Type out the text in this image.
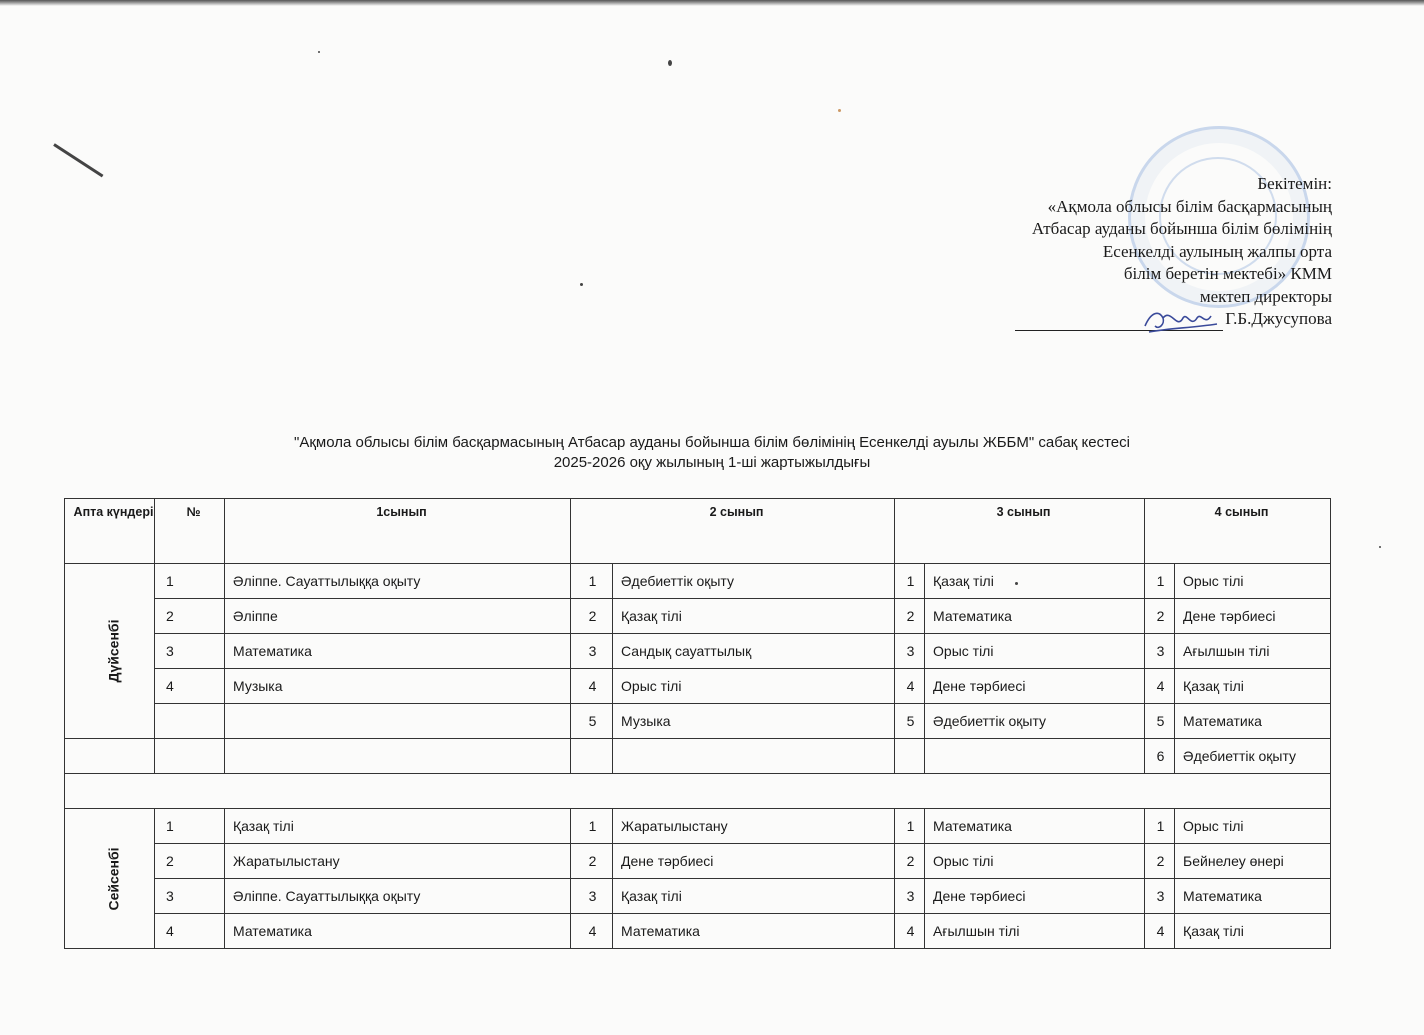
Бекітемін:
«Ақмола облысы білім басқармасының
Атбасар ауданы бойынша білім бөлімінің
Есенкелді аулының жалпы орта
білім беретін мектебі» КММ
мектеп директоры
Г.Б.Джусупова
"Ақмола облысы білім басқармасының Атбасар ауданы бойынша білім бөлімінің Есенкелді ауылы ЖББМ" сабақ кестесі
2025-2026 оқу жылының 1-ші жартыжылдығы
Апта күндері	№	1сынып	2 сынып		3 сынып		4 сынып	
Дүйсенбі	1	Әліппе. Сауаттылыққа оқыту	1	Әдебиеттік оқыту	1	Қазақ тілі	1	Орыс тілі
	2	Әліппе	2	Қазақ тілі	2	Математика	2	Дене тәрбиесі
	3	Математика	3	Сандық сауаттылық	3	Орыс тілі	3	Ағылшын тілі
	4	Музыка	4	Орыс тілі	4	Дене тәрбиесі	4	Қазақ тілі
			5	Музыка	5	Әдебиеттік оқыту	5	Математика
							6	Әдебиеттік оқыту

Сейсенбі	1	Қазақ тілі	1	Жаратылыстану	1	Математика	1	Орыс тілі
	2	Жаратылыстану	2	Дене тәрбиесі	2	Орыс тілі	2	Бейнелеу өнері
	3	Әліппе. Сауаттылыққа оқыту	3	Қазақ тілі	3	Дене тәрбиесі	3	Математика
	4	Математика	4	Математика	4	Ағылшын тілі	4	Қазақ тілі
